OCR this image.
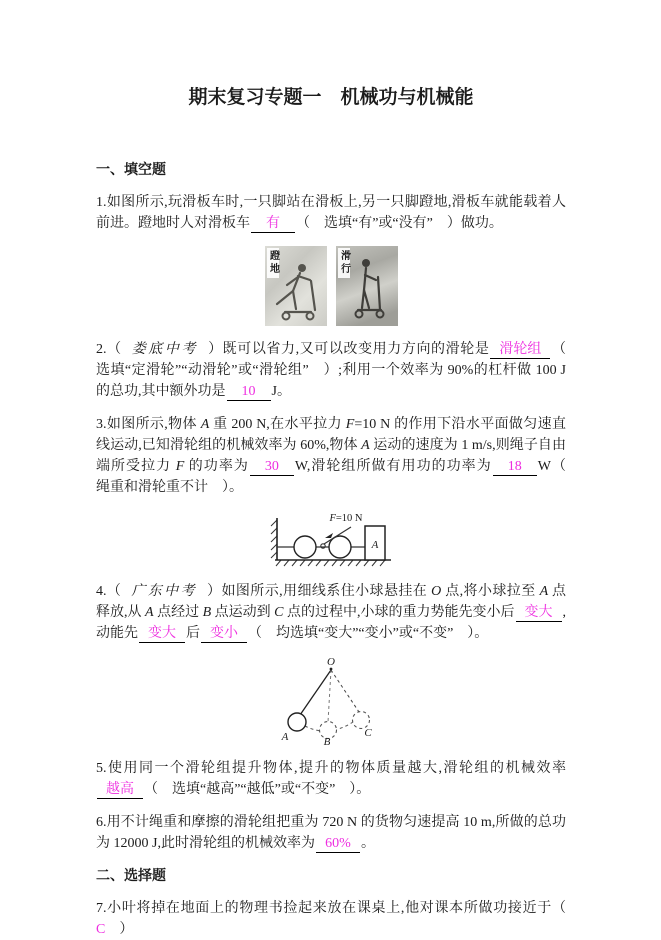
期末复习专题一　机械功与机械能
一、填空题

1.如图所示,玩滑板车时,一只脚站在滑板上,另一只脚蹬地,滑板车就能载着人前进。蹬地时人对滑板车 有 （　选填“有”或“没有”　）做功。

蹬地	滑行

2.（ 娄底中考 ）既可以省力,又可以改变用力方向的滑轮是 滑轮组 （　选填“定滑轮”“动滑轮”或“滑轮组”　）;利用一个效率为 90%的杠杆做 100 J 的总功,其中额外功是 10 J。

3.如图所示,物体 A 重 200 N,在水平拉力 F=10 N 的作用下沿水平面做匀速直线运动,已知滑轮组的机械效率为 60%,物体 A 运动的速度为 1 m/s,则绳子自由端所受拉力 F 的功率为 30 W,滑轮组所做有用功的功率为 18 W（　绳重和滑轮重不计　）。

A
F=10 N

4.（ 广东中考 ）如图所示,用细线系住小球悬挂在 O 点,将小球拉至 A 点释放,从 A 点经过 B 点运动到 C 点的过程中,小球的重力势能先变小后 变大 ,动能先 变大 后 变小 （　均选填“变大”“变小”或“不变”　）。

O
A	B
C

5.使用同一个滑轮组提升物体,提升的物体质量越大,滑轮组的机械效率越高 （　选填“越高”“越低”或“不变”　）。

6.用不计绳重和摩擦的滑轮组把重为 720 N 的货物匀速提高 10 m,所做的总功为 12000 J,此时滑轮组的机械效率为 60% 。

二、选择题

7.小叶将掉在地面上的物理书捡起来放在课桌上,他对课本所做功接近于（　C　）
